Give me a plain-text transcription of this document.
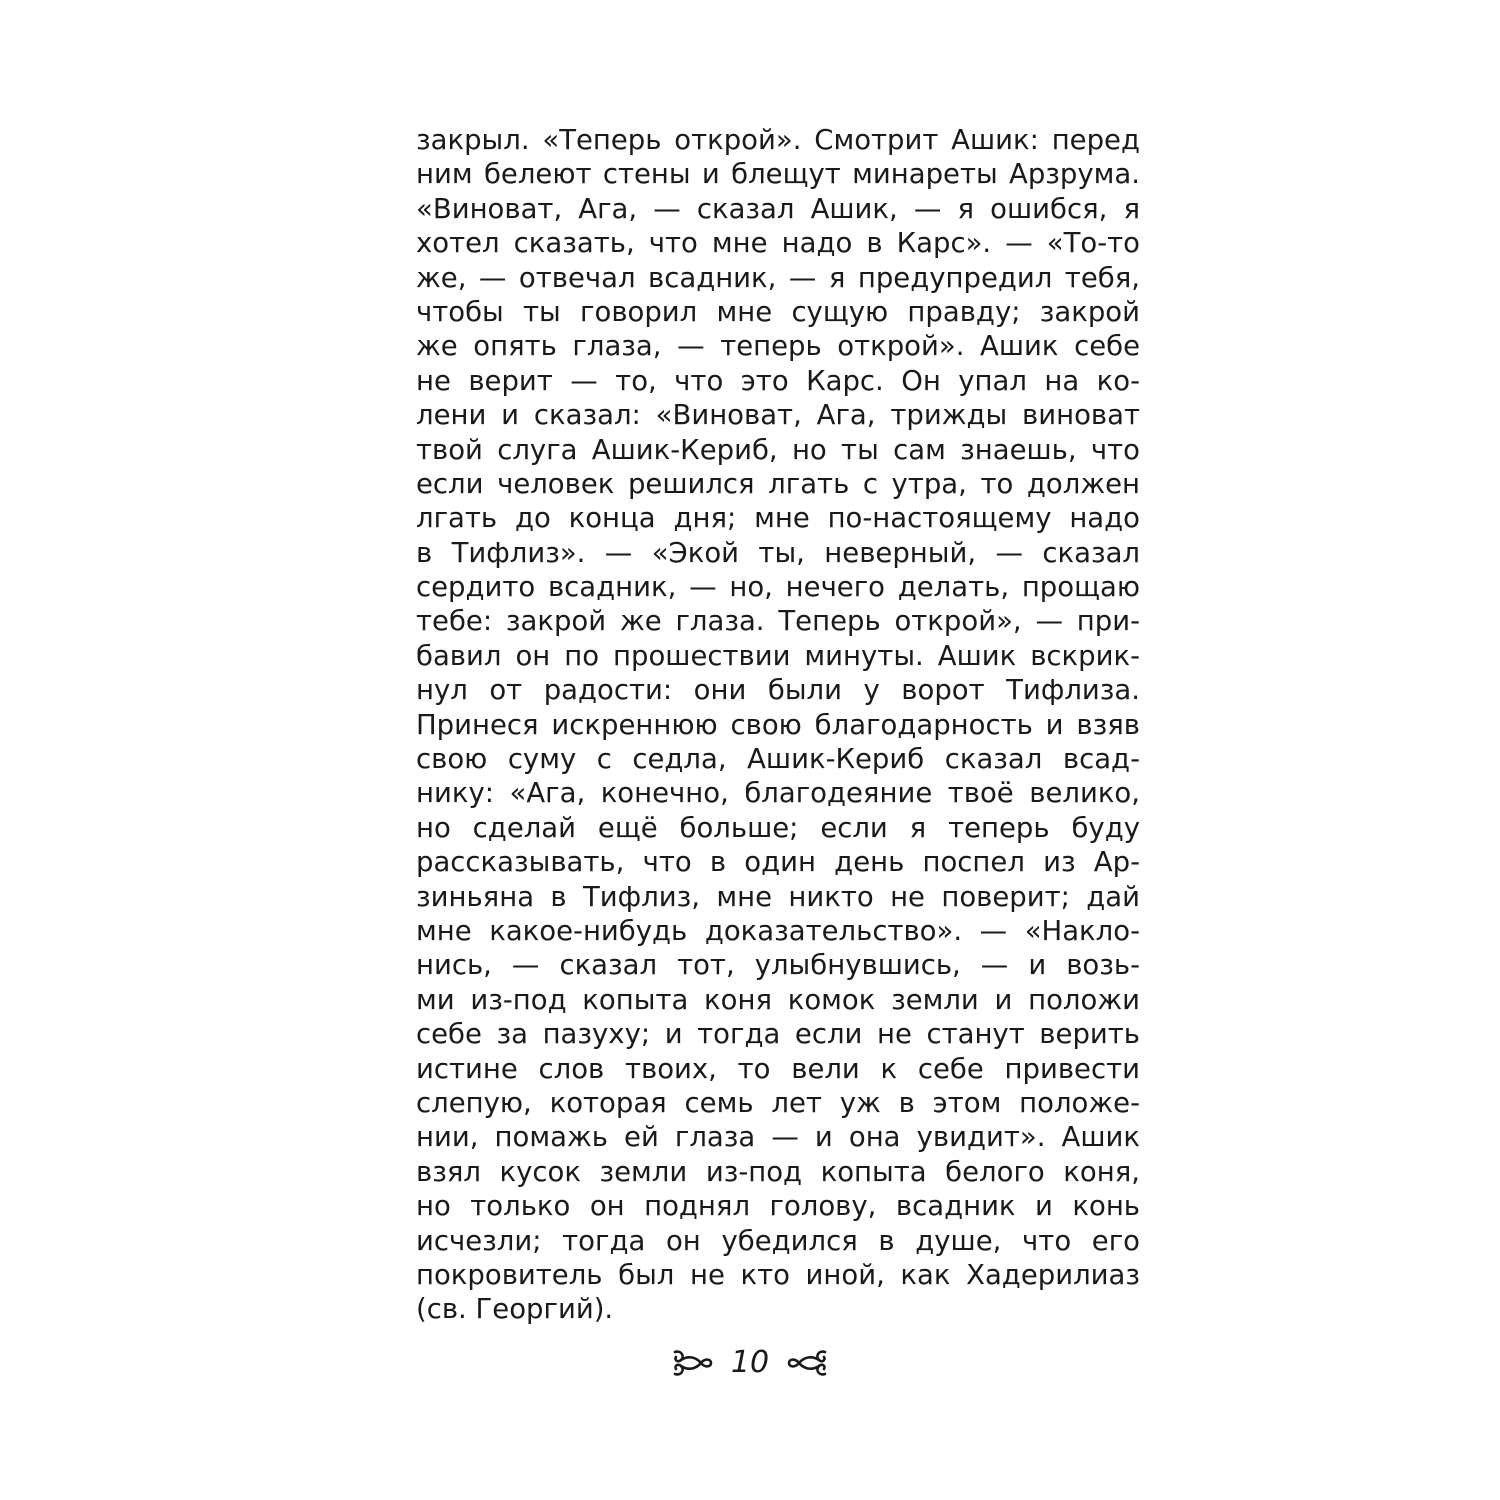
закрыл. «Теперь открой». Смотрит Ашик: перед
ним белеют стены и блещут минареты Арзрума.
«Виноват, Ага, — сказал Ашик, — я ошибся, я
хотел сказать, что мне надо в Карс». — «То-то
же, — отвечал всадник, — я предупредил тебя,
чтобы ты говорил мне сущую правду; закрой
же опять глаза, — теперь открой». Ашик себе
не верит — то, что это Карс. Он упал на ко-
лени и сказал: «Виноват, Ага, трижды виноват
твой слуга Ашик-Кериб, но ты сам знаешь, что
если человек решился лгать с утра, то должен
лгать до конца дня; мне по-настоящему надо
в Тифлиз». — «Экой ты, неверный, — сказал
сердито всадник, — но, нечего делать, прощаю
тебе: закрой же глаза. Теперь открой», — при-
бавил он по прошествии минуты. Ашик вскрик-
нул от радости: они были у ворот Тифлиза.
Принеся искреннюю свою благодарность и взяв
свою суму с седла, Ашик-Кериб сказал всад-
нику: «Ага, конечно, благодеяние твоё велико,
но сделай ещё больше; если я теперь буду
рассказывать, что в один день поспел из Ар-
зиньяна в Тифлиз, мне никто не поверит; дай
мне какое-нибудь доказательство». — «Накло-
нись, — сказал тот, улыбнувшись, — и возь-
ми из-под копыта коня комок земли и положи
себе за пазуху; и тогда если не станут верить
истине слов твоих, то вели к себе привести
слепую, которая семь лет уж в этом положе-
нии, помажь ей глаза — и она увидит». Ашик
взял кусок земли из-под копыта белого коня,
но только он поднял голову, всадник и конь
исчезли; тогда он убедился в душе, что его
покровитель был не кто иной, как Хадерилиаз
(св. Георгий).
10
